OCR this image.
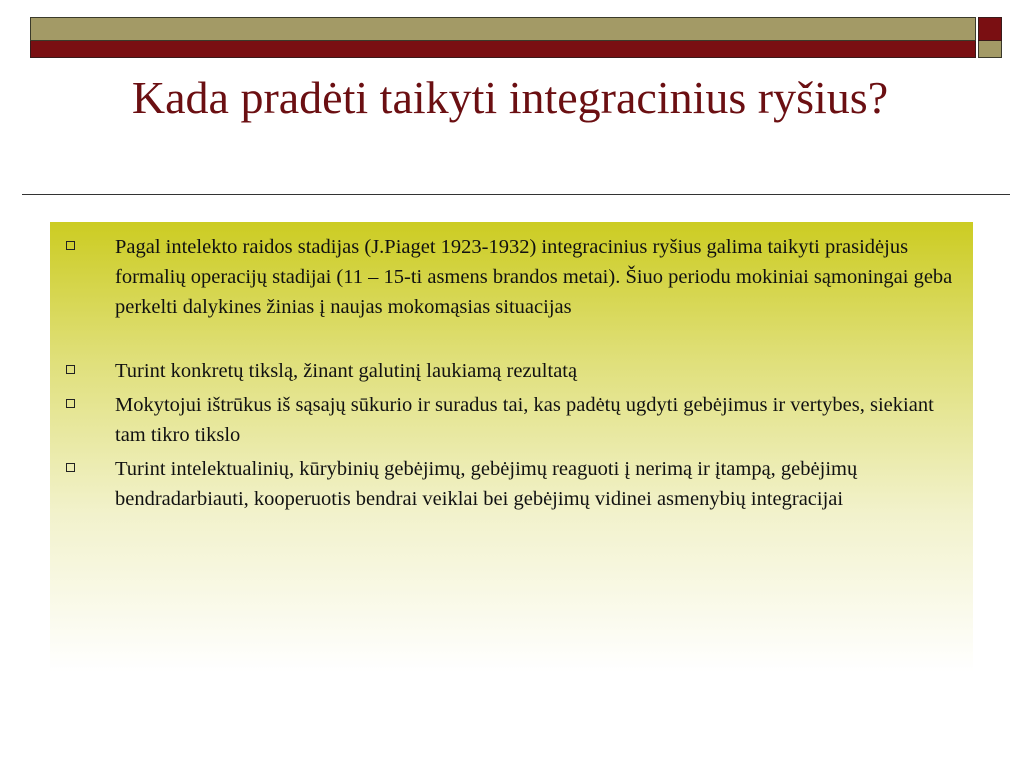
Kada pradėti taikyti integracinius ryšius?
Pagal intelekto raidos stadijas (J.Piaget 1923-1932) integracinius ryšius galima taikyti prasidėjus formalių operacijų stadijai (11 – 15-ti asmens brandos metai). Šiuo periodu mokiniai sąmoningai geba perkelti dalykines žinias į naujas mokomąsias situacijas
Turint konkretų tikslą, žinant galutinį laukiamą rezultatą
Mokytojui ištrūkus iš sąsajų sūkurio ir suradus tai, kas padėtų ugdyti gebėjimus ir vertybes, siekiant tam tikro tikslo
Turint intelektualinių, kūrybinių gebėjimų, gebėjimų reaguoti į nerimą ir įtampą, gebėjimų bendradarbiauti, kooperuotis bendrai veiklai bei gebėjimų vidinei asmenybių integracijai
